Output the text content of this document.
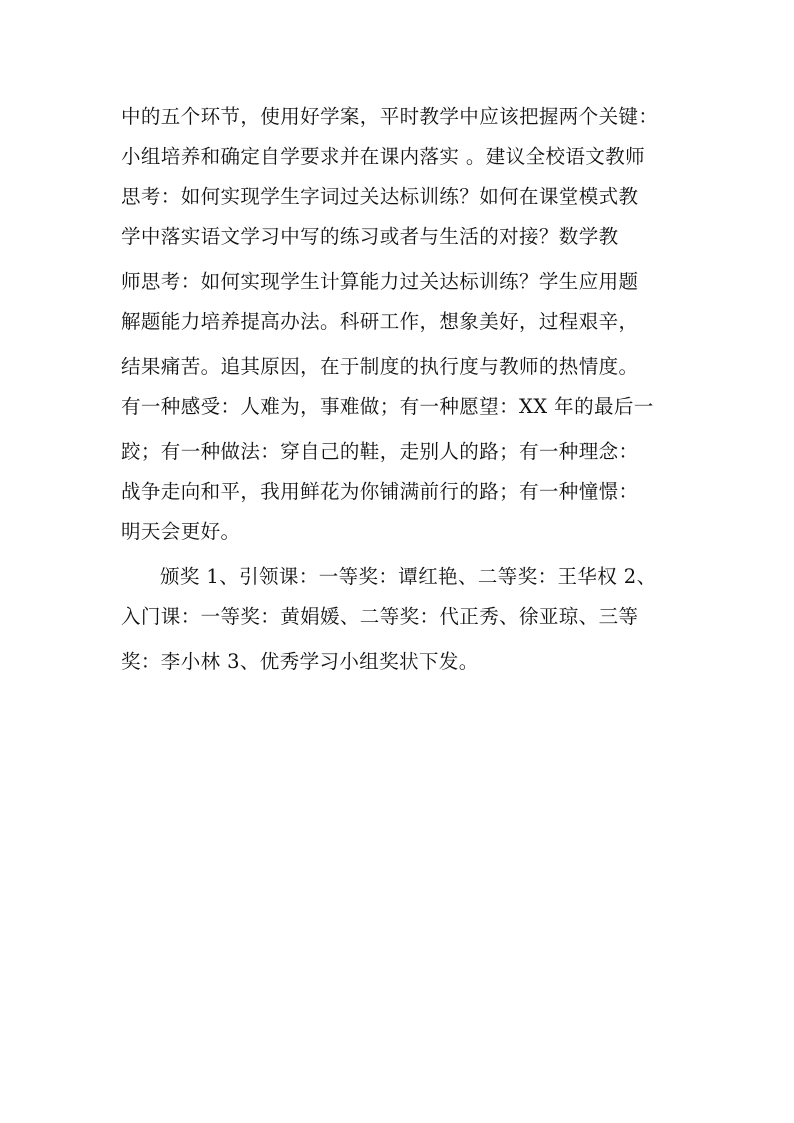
中的五个环节，使用好学案，平时教学中应该把握两个关键：
小组培养和确定自学要求并在课内落实 。建议全校语文教师
思考：如何实现学生字词过关达标训练？如何在课堂模式教
学中落实语文学习中写的练习或者与生活的对接？数学教
师思考：如何实现学生计算能力过关达标训练？学生应用题
解题能力培养提高办法。科研工作，想象美好，过程艰辛，
结果痛苦。追其原因，在于制度的执行度与教师的热情度。
有一种感受：人难为，事难做；有一种愿望：XX 年的最后一
跤；有一种做法：穿自己的鞋，走别人的路；有一种理念：
战争走向和平，我用鲜花为你铺满前行的路；有一种憧憬：
明天会更好。
颁奖 1、引领课：一等奖：谭红艳、二等奖：王华权 2、
入门课：一等奖：黄娟媛、二等奖：代正秀、徐亚琼、三等
奖：李小林 3、优秀学习小组奖状下发。
